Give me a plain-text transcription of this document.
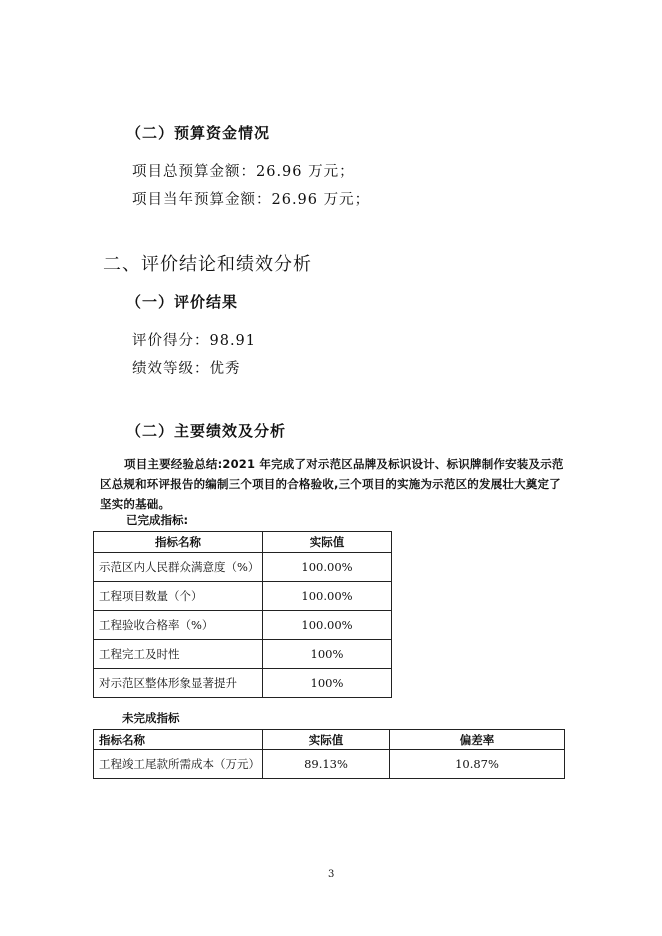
（二）预算资金情况
项目总预算金额：26.96 万元；
项目当年预算金额：26.96 万元；
二、评价结论和绩效分析
（一）评价结果
评价得分：98.91
绩效等级：优秀
（二）主要绩效及分析
项目主要经验总结:2021 年完成了对示范区品牌及标识设计、标识牌制作安装及示范区总规和环评报告的编制三个项目的合格验收,三个项目的实施为示范区的发展壮大奠定了坚实的基础。
已完成指标:
指标名称	实际值
示范区内人民群众满意度（%）	100.00%
工程项目数量（个）	100.00%
工程验收合格率（%）	100.00%
工程完工及时性	100%
对示范区整体形象显著提升	100%
未完成指标
指标名称	实际值	偏差率
工程竣工尾款所需成本（万元）	89.13%	10.87%
3
